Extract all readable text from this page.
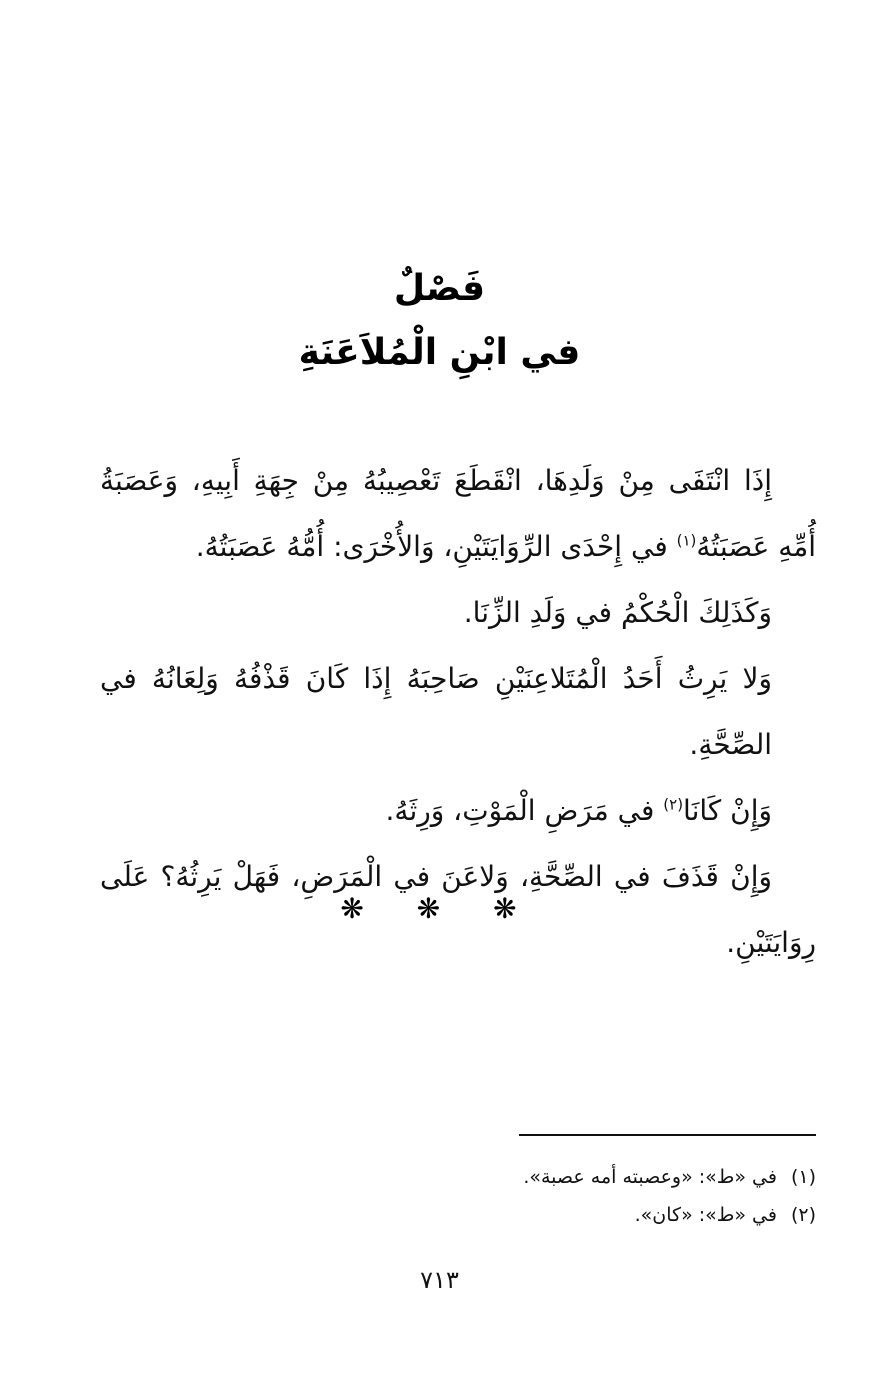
فَصْلٌ
في ابْنِ الْمُلاَعَنَةِ

إِذَا انْتَفَى مِنْ وَلَدِهَا، انْقَطَعَ تَعْصِيبُهُ مِنْ جِهَةِ أَبِيهِ، وَعَصَبَةُ أُمِّهِ عَصَبَتُهُ$^{(١)}$ في إِحْدَى الرِّوَايَتَيْنِ، وَالأُخْرَى: أُمُّهُ عَصَبَتُهُ.

وَكَذَلِكَ الْحُكْمُ في وَلَدِ الزِّنَا.

وَلا يَرِثُ أَحَدُ الْمُتَلاعِنَيْنِ صَاحِبَهُ إِذَا كَانَ قَذْفُهُ وَلِعَانُهُ في الصِّحَّةِ.

وَإِنْ كَانَا$^{(٢)}$ في مَرَضِ الْمَوْتِ، وَرِثَهُ.

وَإِنْ قَذَفَ في الصِّحَّةِ، وَلاعَنَ في الْمَرَضِ، فَهَلْ يَرِثُهُ؟ عَلَى رِوَايَتَيْنِ.

❋ ❋ ❋
(١)في «ط»: «وعصبته أمه عصبة».
(٢)في «ط»: «كان».
٧١٣
